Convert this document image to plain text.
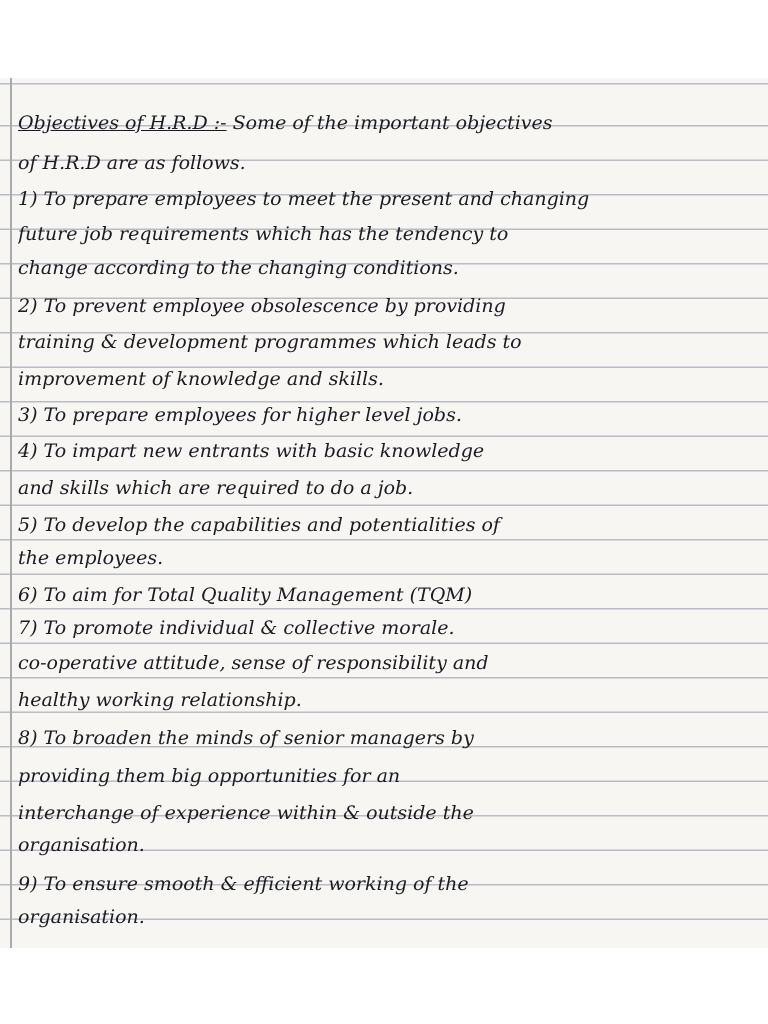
Objectives of H.R.D :- Some of the important objectives
of H.R.D are as follows.
1) To prepare employees to meet the present and changing
future job requirements which has the tendency to
change according to the changing conditions.
2) To prevent employee obsolescence by providing
training & development programmes which leads to
improvement of knowledge and skills.
3) To prepare employees for higher level jobs.
4) To impart new entrants with basic knowledge
and skills which are required to do a job.
5) To develop the capabilities and potentialities of
the employees.
6) To aim for Total Quality Management (TQM)
7) To promote individual & collective morale.
co-operative attitude, sense of responsibility and
healthy working relationship.
8) To broaden the minds of senior managers by
providing them big opportunities for an
interchange of experience within & outside the
organisation.
9) To ensure smooth & efficient working of the
organisation.
